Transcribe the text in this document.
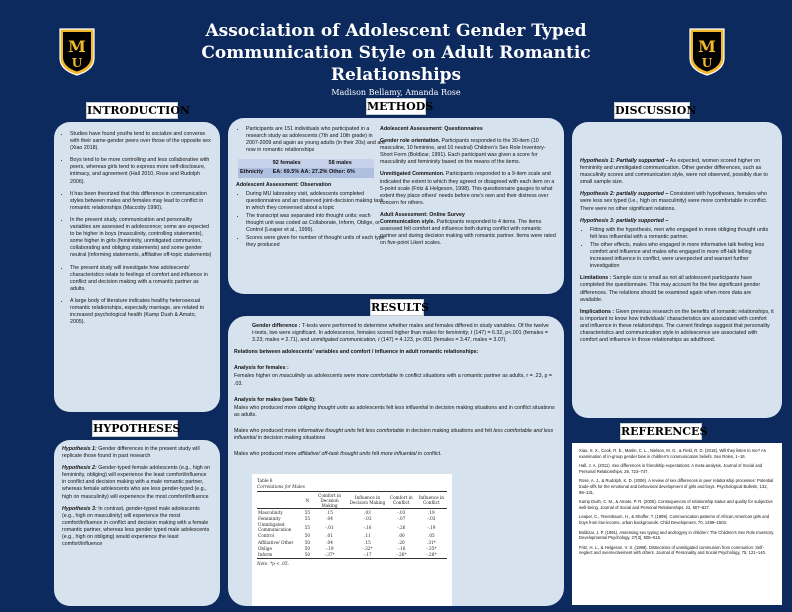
M
U
M
U
Association of Adolescent Gender Typed Communication Style on Adult Romantic Relationships
Madison Bellamy, Amanda Rose
INTRODUCTION	METHODS	DISCUSSION
HYPOTHESES
RESULTS
REFERENCES
• Studies have found youths tend to socialize and converse with their same-gender peers over those of the opposite sex (Xiao 2018).
• Boys tend to be more controlling and less collaborative with peers, whereas girls tend to express more self-disclosure, intimacy, and agreement (Hall 2010, Rose and Rudolph 2006).
• It has been theorized that this difference in communication styles between males and females may lead to conflict in romantic relationships (Maccoby 1990).
• In the present study, communication and personality variables are assessed in adolescence; some are expected to be higher in boys (masculinity, controlling statements), some higher in girls (femininity, unmitigated communion, collaborating and obliging statements) and some gender neutral (informing statements, affiliative off-topic statements)
• The present study will investigate how adolescents' characteristics relate to feelings of comfort and influence in conflict and decision making with a romantic partner as adults.
• A large body of literature indicates healthy heterosexual romantic relationships, especially marriage, are related to increased psychological health (Kamp Dush & Amato, 2005).

Hypothesis 1: Gender differences in the present study will replicate those found in past research

Hypothesis 2: Gender-typed female adolescents (e.g., high on femininity, obliging) will experience the least comfort/influence in conflict and decision making with a male romantic partner, whereas female adolescents who are less gender-typed (e.g., high on masculinity) will experience the most comfort/influence

Hypothesis 3: In contrast, gender-typed male adolescents (e.g., high on masculinity) will experience the most comfort/influence in conflict and decision making with a female romantic partner, whereas less gender typed male adolescents (e.g., high on obliging) would experience the least comfort/influence

• Participants are 151 individuals who participated in a research study as adolescents (7th and 10th grade) in 2007-2009 and again as young adults (in their 20s) and are now in romantic relationships
	92 females	58 males
Ethnicity	EA: 69.5% AA: 27.2% Other: 6%	
Adolescent Assessment: Observation
• During MU laboratory visit, adolescents completed questionnaires and an observed joint-decision making task in which they conversed about a topic
• The transcript was separated into thought units; each thought unit was coded as Collaborate, Inform, Oblige, or Control (Leaper et al., 1999).
• Scores were given for number of thought units of each type they produced

Adolescent Assessment: Questionnaires

Gender role orientation. Participants responded to the 30-item (10 masculine, 10 feminine, and 10 neutral) Children's Sex Role Inventory- Short Form (Boldizar, 1991). Each participant was given a score for masculinity and femininity based on the means of the items.

Unmitigated Communion. Participants responded to a 9-item scale and indicated the extent to which they agreed or disagreed with each item on a 5-point scale (Fritz & Helgeson, 1998). This questionnaire gauges to what extent they place others' needs before one's own and their distress over concern for others.

Adult Assessment: Online Survey

Communication style. Participants responded to 4 items. The items assessed felt comfort and influence both during conflict with romantic partner and during decision making with romantic partner. Items were rated on five-point Likert scales.

Gender difference : T-tests were performed to determine whether males and females differed in study variables. Of the twelve t-tests, two were significant. In adolescence, females scored higher than males for femininity, t (147) = 6.32, p<.001 (females = 3.23; males = 2.71), and unmitigated communication, t (147) = 4.123, p<.001 (females = 3.47, males = 3.07).

Relations between adolescents' variables and comfort / influence in adult romantic relationships:

Analysis for females :

Females higher on masculinity as adolescents were more comfortable in conflict situations with a romantic partner as adults, r = .23, p = .03.

Analysis for males (see Table 6):

Males who produced more obliging thought units as adolescents felt less influential in decision making situations and in conflict situations as adults.

Males who produced more informative thought units felt less comfortable in decision making situations and felt less comfortable and less influential in decision making situations

Males who produced more affiliative/ off-task thought units felt more influential in conflict.

Table 6
Correlations for Males
	N	Comfort in Decision Making	Influence in Decision Making	Comfort in Conflict	Influence in Conflict
Masculinity	55	.15	.03	-.03	.19
Femininity	55	.04	-.03	-.07	-.03
Unmitigated Communication	55	-.01	-.16	-.26	-.19
Control	50	.01	.11	.00	.05
Affiliative/ Other	50	.04	.15	.20	.31*
Oblige	50	-.19	-.32*	-.16	-.35*
Inform	50	-.37*	-.17	-.26*	-.26*
Note. *p < .05.

Hypothesis 1: Partially supported – As expected, women scored higher on femininity and unmitigated communication. Other gender differences, such as masculinity scores and communication style, were not observed, possibly due to small sample size.

Hypothesis 2: partially supported – Consistent with hypotheses, females who were less sex typed (i.e., high on masculinity) were more comfortable in conflict. There were no other significant relations.

Hypothesis 3: partially supported –

• Fitting with the hypothesis, men who engaged in more obliging thought units felt less influential with a romantic partner.
• The other effects, males who engaged in more informative talk feeling less comfort and influence and males who engaged in more off-talk felling increased influence in conflict, were unexpected and warrant further investigation

Limitations : Sample size is small as not all adolescent participants have completed the questionnaire. This may account for the few significant gender differences. The relations should be examined again when more data are available.

Implications : Given previous research on the benefits of romantic relationships, it is important to know how individuals' characteristics are associated with comfort and influence in these relationships. The current findings suggest that personality characteristics and communication style in adolescence are associated with comfort and influence in those relationships as adulthood.

Xiao, S. X., Cook, R. E., Martin, C. L., Nielson, M. G., & Field, R. D. (2018). Will they listen to me? An examination of in-group gender bias in children's communication beliefs. Sex Roles, 1–16.

Hall, J. A. (2011). Sex differences in friendship expectations: A meta-analysis. Journal of Social and Personal Relationships, 28, 723–747.

Rose, A. J., & Rudolph, K. D. (2006). A review of sex differences in peer relationship processes: Potential trade-offs for the emotional and behavioral development of girls and boys. Psychological Bulletin, 132, 98–131.

Kamp Dush, C. M., & Amato, P. R. (2005). Consequences of relationship status and quality for subjective well-being. Journal of Social and Personal Relationships, 22, 607–627.

Leaper, C., Tenenbaum, H., & Shaffer, T. (1999). Communication patterns of African American girls and boys from low-income, urban backgrounds. Child Development, 70, 1489–1503.

Boldizar, J. P. (1991). Assessing sex typing and androgyny in children: The Children's Sex Role Inventory. Developmental Psychology, 27(3), 505–515.

Fritz, H. L., & Helgeson, V. S. (1998). Distinctions of unmitigated communion from communion: Self-neglect and overinvolvement with others. Journal of Personality and Social Psychology, 75, 121–140.
